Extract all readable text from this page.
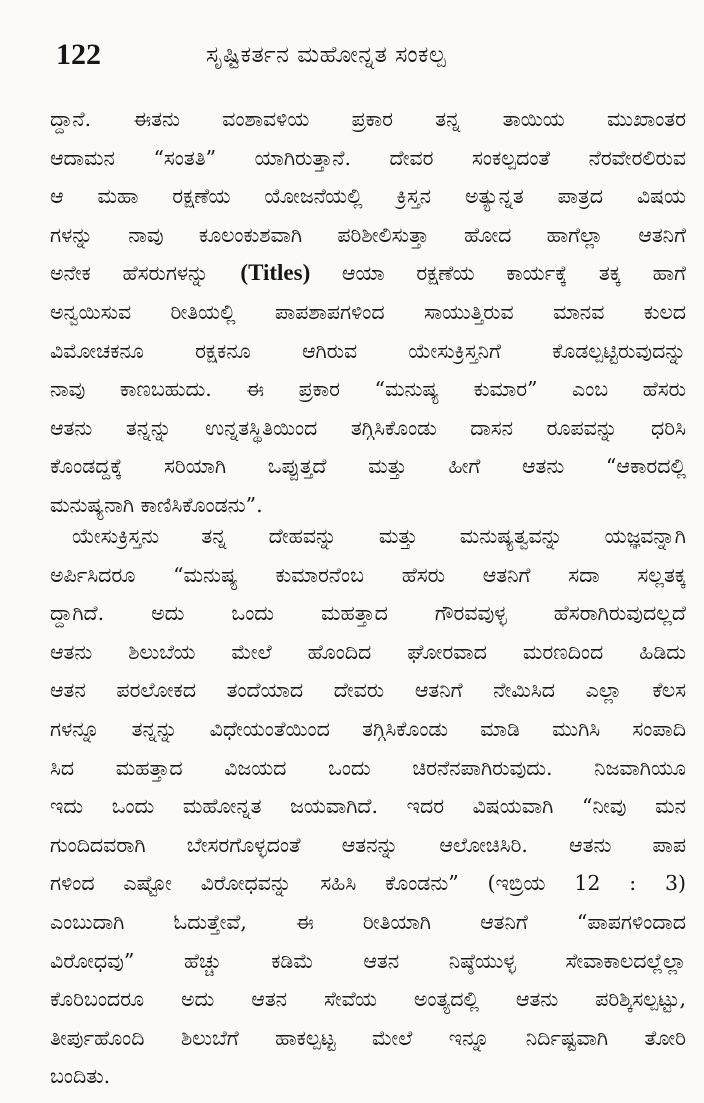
122	ಸೃಷ್ಟಿಕರ್ತನ ಮಹೋನ್ನತ ಸಂಕಲ್ಪ
ದ್ದಾನೆ. ಈತನು ವಂಶಾವಳಿಯ ಪ್ರಕಾರ ತನ್ನ ತಾಯಿಯ ಮುಖಾಂತರ
ಆದಾಮನ “ಸಂತತಿ” ಯಾಗಿರುತ್ತಾನೆ. ದೇವರ ಸಂಕಲ್ಪದಂತೆ ನೆರವೇರಲಿರುವ
ಆ ಮಹಾ ರಕ್ಷಣೆಯ ಯೋಜನೆಯಲ್ಲಿ ಕ್ರಿಸ್ತನ ಅತ್ಯುನ್ನತ ಪಾತ್ರದ ವಿಷಯ
ಗಳನ್ನು ನಾವು ಕೂಲಂಕುಶವಾಗಿ ಪರಿಶೀಲಿಸುತ್ತಾ ಹೋದ ಹಾಗೆಲ್ಲಾ ಆತನಿಗೆ
ಅನೇಕ ಹೆಸರುಗಳನ್ನು (Titles) ಆಯಾ ರಕ್ಷಣೆಯ ಕಾರ್ಯಕ್ಕೆ ತಕ್ಕ ಹಾಗೆ
ಅನ್ವಯಿಸುವ ರೀತಿಯಲ್ಲಿ ಪಾಪಶಾಪಗಳಿಂದ ಸಾಯುತ್ತಿರುವ ಮಾನವ ಕುಲದ
ವಿಮೋಚಕನೂ ರಕ್ಷಕನೂ ಆಗಿರುವ ಯೇಸುಕ್ರಿಸ್ತನಿಗೆ ಕೊಡಲ್ಪಟ್ಟಿರುವುದನ್ನು
ನಾವು ಕಾಣಬಹುದು. ಈ ಪ್ರಕಾರ “ಮನುಷ್ಯ ಕುಮಾರ” ಎಂಬ ಹೆಸರು
ಆತನು ತನ್ನನ್ನು ಉನ್ನತಸ್ಥಿತಿಯಿಂದ ತಗ್ಗಿಸಿಕೊಂಡು ದಾಸನ ರೂಪವನ್ನು ಧರಿಸಿ
ಕೊಂಡದ್ದಕ್ಕೆ ಸರಿಯಾಗಿ ಒಪ್ಪುತ್ತದೆ ಮತ್ತು ಹೀಗೆ ಆತನು “ಆಕಾರದಲ್ಲಿ
ಮನುಷ್ಯನಾಗಿ ಕಾಣಿಸಿಕೊಂಡನು”.
ಯೇಸುಕ್ರಿಸ್ತನು ತನ್ನ ದೇಹವನ್ನು ಮತ್ತು ಮನುಷ್ಯತ್ವವನ್ನು ಯಜ್ಞವನ್ನಾಗಿ
ಅರ್ಪಿಸಿದರೂ “ಮನುಷ್ಯ ಕುಮಾರನೆಂಬ ಹೆಸರು ಆತನಿಗೆ ಸದಾ ಸಲ್ಲತಕ್ಕ
ದ್ದಾಗಿದೆ. ಅದು ಒಂದು ಮಹತ್ತಾದ ಗೌರವವುಳ್ಳ ಹೆಸರಾಗಿರುವುದಲ್ಲದೆ
ಆತನು ಶಿಲುಬೆಯ ಮೇಲೆ ಹೊಂದಿದ ಘೋರವಾದ ಮರಣದಿಂದ ಹಿಡಿದು
ಆತನ ಪರಲೋಕದ ತಂದೆಯಾದ ದೇವರು ಆತನಿಗೆ ನೇಮಿಸಿದ ಎಲ್ಲಾ ಕೆಲಸ
ಗಳನ್ನೂ ತನ್ನನ್ನು ವಿಧೇಯಂತೆಯಿಂದ ತಗ್ಗಿಸಿಕೊಂಡು ಮಾಡಿ ಮುಗಿಸಿ ಸಂಪಾದಿ
ಸಿದ ಮಹತ್ತಾದ ವಿಜಯದ ಒಂದು ಚಿರನೆನಪಾಗಿರುವುದು. ನಿಜವಾಗಿಯೂ
ಇದು ಒಂದು ಮಹೋನ್ನತ ಜಯವಾಗಿದೆ. ಇದರ ವಿಷಯವಾಗಿ “ನೀವು ಮನ
ಗುಂದಿದವರಾಗಿ ಬೇಸರಗೊಳ್ಳದಂತೆ ಆತನನ್ನು ಆಲೋಚಿಸಿರಿ. ಆತನು ಪಾಪ
ಗಳಿಂದ ಎಷ್ಟೋ ವಿರೋಧವನ್ನು ಸಹಿಸಿ ಕೊಂಡನು” (ಇಬ್ರಿಯ 12 : 3)
ಎಂಬುದಾಗಿ ಓದುತ್ತೇವೆ, ಈ ರೀತಿಯಾಗಿ ಆತನಿಗೆ “ಪಾಪಗಳಿಂದಾದ
ವಿರೋಧವು” ಹೆಚ್ಚು ಕಡಿಮೆ ಆತನ ನಿಷ್ಠೆಯುಳ್ಳ ಸೇವಾಕಾಲದಲ್ಲೆಲ್ಲಾ
ಕೊರಿಬಂದರೂ ಅದು ಆತನ ಸೇವೆಯ ಅಂತ್ಯದಲ್ಲಿ ಆತನು ಪರಿಶ್ಕಿಸಲ್ಪಟ್ಟು,
ತೀರ್ಪುಹೊಂದಿ ಶಿಲುಬೆಗೆ ಹಾಕಲ್ಪಟ್ಟ ಮೇಲೆ ಇನ್ನೂ ನಿರ್ದಿಷ್ಟವಾಗಿ ತೋರಿ
ಬಂದಿತು.
